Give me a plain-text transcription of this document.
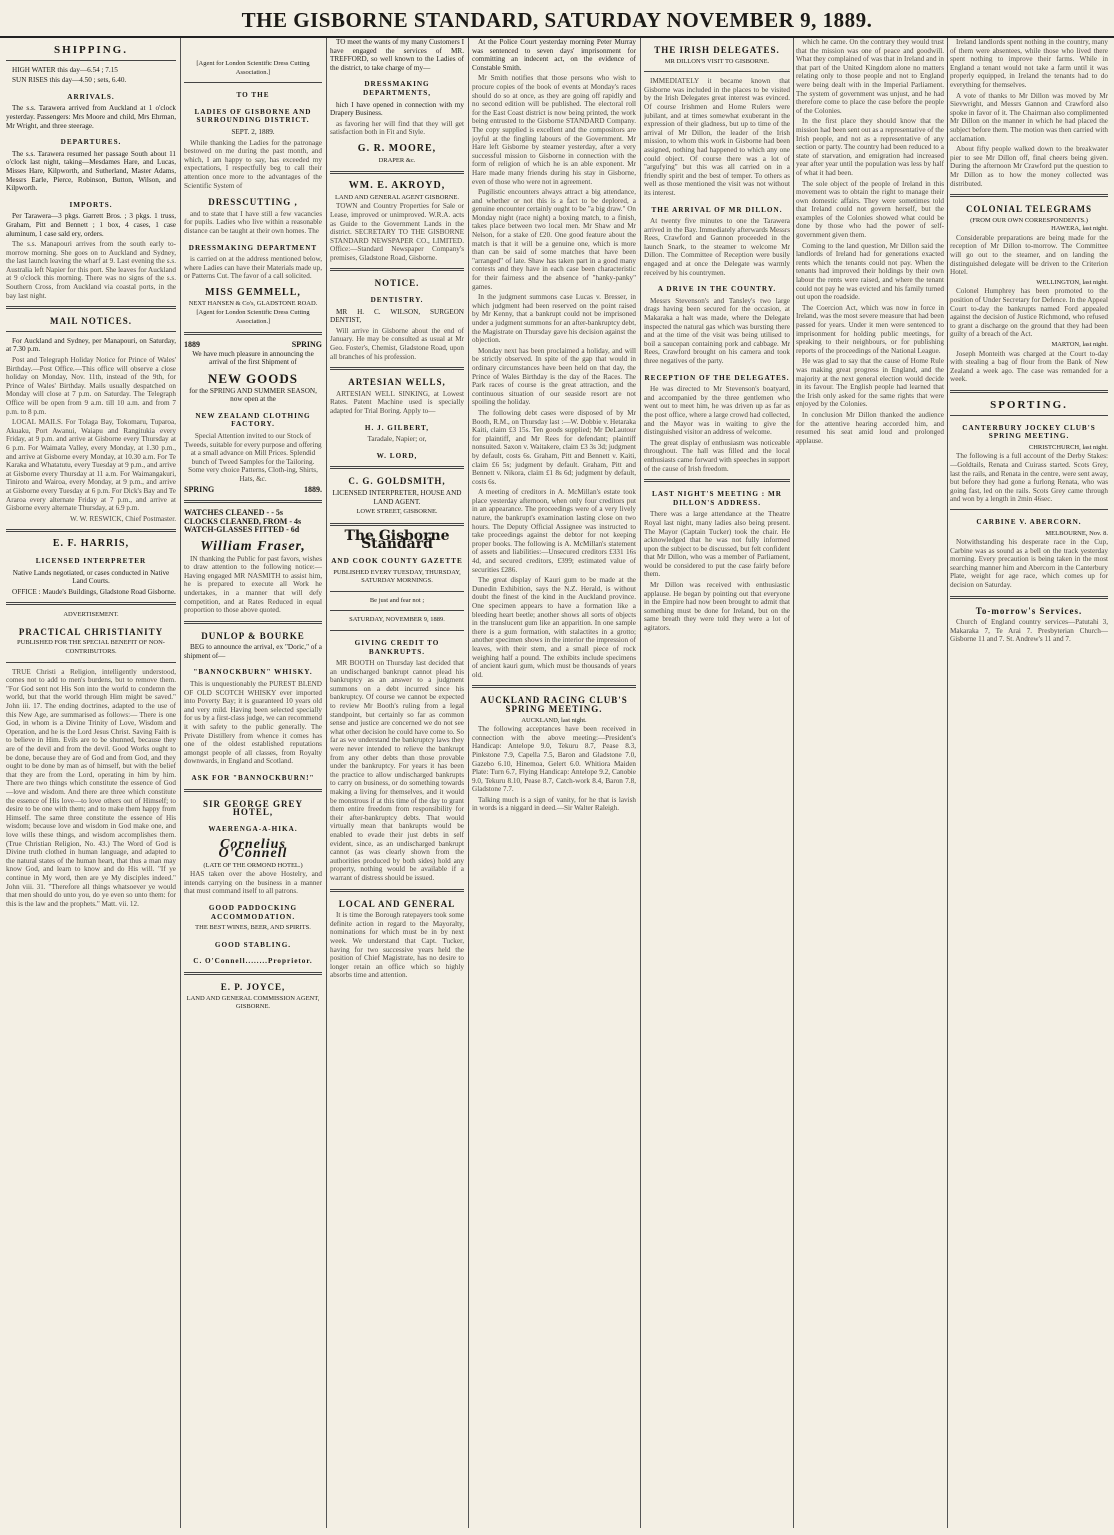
THE GISBORNE STANDARD, SATURDAY NOVEMBER 9, 1889.
SHIPPING.

HIGH WATER this day—6.54 ; 7.15

SUN RISES this day—4.50 ; sets, 6.40.

ARRIVALS.

The s.s. Tarawera arrived from Auckland at 1 o'clock yesterday. Passengers: Mrs Moore and child, Mrs Ehrman, Mr Wright, and three steerage.

DEPARTURES.

The s.s. Tarawera resumed her passage South about 11 o'clock last night, taking—Mesdames Hare, and Lucas, Misses Hare, Kilpworth, and Sutherland, Master Adams, Messrs Earle, Pierce, Robinson, Button, Wilson, and Kilpworth.

IMPORTS.

Per Tarawera—3 pkgs. Garrett Bros. ; 3 pkgs. 1 truss, Graham, Pitt and Bennett ; 1 box, 4 cases, 1 case aluminum, 1 case sald ery, orders.

The s.s. Manapouri arrives from the south early to-morrow morning. She goes on to Auckland and Sydney, the last launch leaving the wharf at 9. Last evening the s.s. Australia left Napier for this port. She leaves for Auckland at 9 o'clock this morning. There was no signs of the s.s. Southern Cross, from Auckland via coastal ports, in the bay last night.

MAIL NOTICES.

For Auckland and Sydney, per Manapouri, on Saturday, at 7.30 p.m.

Post and Telegraph Holiday Notice for Prince of Wales' Birthday.—Post Office.—This office will observe a close holiday on Monday, Nov. 11th, instead of the 9th, for Prince of Wales' Birthday. Mails usually despatched on Monday will close at 7 p.m. on Saturday. The Telegraph Office will be open from 9 a.m. till 10 a.m. and from 7 p.m. to 8 p.m.

LOCAL MAILS. For Tolaga Bay, Tokomaru, Tuparoa, Akuaku, Port Awanui, Waiapu and Rangitukia every Friday, at 9 p.m. and arrive at Gisborne every Thursday at 6 p.m. For Waimata Valley, every Monday, at 1.30 p.m., and arrive at Gisborne every Monday, at 10.30 a.m. For Te Karaka and Whatatutu, every Tuesday at 9 p.m., and arrive at Gisborne every Thursday at 11 a.m. For Waimangakuri, Tiniroto and Wairoa, every Monday, at 9 p.m., and arrive at Gisborne every Tuesday at 6 p.m. For Dick's Bay and Te Araroa every alternate Friday at 7 p.m., and arrive at Gisborne every alternate Thursday, at 6.9 p.m.

W. W. RESWICK, Chief Postmaster.

E. F. HARRIS,
LICENSED INTERPRETER

Native Lands negotiated, or cases conducted in Native Land Courts.

OFFICE : Maude's Buildings, Gladstone Road Gisborne.

ADVERTISEMENT.
PRACTICAL CHRISTIANITY
PUBLISHED FOR THE SPECIAL BENEFIT OF NON-CONTRIBUTORS.

TRUE Christi a Religion, intelligently understood, comes not to add to men's burdens, but to remove them. "For God sent not His Son into the world to condemn the world, but that the world through Him might be saved." John iii. 17. The ending doctrines, adapted to the use of this New Age, are summarised as follows:— There is one God, in whom is a Divine Trinity of Love, Wisdom and Operation, and he is the Lord Jesus Christ. Saving Faith is to believe in Him. Evils are to be shunned, because they are of the devil and from the devil. Good Works ought to be done, because they are of God and from God, and they ought to be done by man as of himself, but with the belief that they are from the Lord, operating in him by him. There are two things which constitute the essence of God—love and wisdom. And there are three which constitute the essence of His love—to love others out of Himself; to desire to be one with them; and to make them happy from Himself. The same three constitute the essence of His wisdom; because love and wisdom in God make one, and love wills these things, and wisdom accomplishes them. (True Christian Religion, No. 43.) The Word of God is Divine truth clothed in human language, and adapted to the natural states of the human heart, that thus a man may know God, and learn to know and do His will. "If ye continue in My word, then are ye My disciples indeed." John viii. 31. "Therefore all things whatsoever ye would that men should do unto you, do ye even so unto them: for this is the law and the prophets." Matt. vii. 12.

[Agent for London Scientific Dress Cutting Association.]
TO THE
LADIES OF GISBORNE AND SURROUNDING DISTRICT.

SEPT. 2, 1889.

While thanking the Ladies for the patronage bestowed on me during the past month, and which, I am happy to say, has exceeded my expectations, I respectfully beg to call their attention once more to the advantages of the Scientific System of

DRESSCUTTING ,

and to state that I have still a few vacancies for pupils. Ladies who live within a reasonable distance can be taught at their own homes. The

DRESSMAKING DEPARTMENT

is carried on at the address mentioned below, where Ladies can have their Materials made up, or Patterns Cut. The favor of a call solicited.

MISS GEMMELL,
NEXT HANSEN & Co's, GLADSTONE ROAD.
[Agent for London Scientific Dress Cutting Association.]
1889	SPRING

We have much pleasure in announcing the arrival of the first Shipment of

NEW GOODS

for the SPRING AND SUMMER SEASON, now open at the

NEW ZEALAND CLOTHING FACTORY.

Special Attention invited to our Stock of Tweeds, suitable for every purpose and offering at a small advance on Mill Prices. Splendid bunch of Tweed Samples for the Tailoring. Some very choice Patterns, Cloth-ing, Shirts, Hats, &c.

SPRING	1889.
WATCHES CLEANED - - 5s
CLOCKS CLEANED, FROM - 4s
WATCH-GLASSES FITTED - 6d
William Fraser,

IN thanking the Public for past favors, wishes to draw attention to the following notice:— Having engaged MR NASMITH to assist him, he is prepared to execute all Work he undertakes, in a manner that will defy competition, and at Rates Reduced in equal proportion to those above quoted.

DUNLOP & BOURKE

BEG to announce the arrival, ex "Doric," of a shipment of—

"BANNOCKBURN" WHISKY.

This is unquestionably the PUREST BLEND OF OLD SCOTCH WHISKY ever imported into Poverty Bay; it is guaranteed 10 years old and very mild. Having been selected specially for us by a first-class judge, we can recommend it with safety to the public generally. The Private Distillery from whence it comes has one of the oldest established reputations amongst people of all classes, from Royalty downwards, in England and Scotland.

ASK FOR "BANNOCKBURN!"
SIR GEORGE GREY HOTEL,
WAERENGA-A-HIKA.
Cornelius O'Connell
(LATE OF THE ORMOND HOTEL.)

HAS taken over the above Hostelry, and intends carrying on the business in a manner that must command itself to all patrons.

GOOD PADDOCKING ACCOMMODATION.
THE BEST WINES, BEER, AND SPIRITS.
GOOD STABLING.
C. O'Connell........Proprietor.
E. P. JOYCE,
LAND AND GENERAL COMMISSION AGENT, GISBORNE.

TO meet the wants of my many Customers I have engaged the services of MR. TREFFORD, so well known to the Ladies of the district, to take charge of my—

DRESSMAKING DEPARTMENTS,

hich I have opened in connection with my Drapery Business.

as favoring her will find that they will get satisfaction both in Fit and Style.

G. R. MOORE,
DRAPER &c.
WM. E. AKROYD,
LAND AND GENERAL AGENT GISBORNE.

TOWN and Country Properties for Sale or Lease, improved or unimproved. W.R.A. acts as Guide to the Government Lands in the district. SECRETARY TO THE GISBORNE STANDARD NEWSPAPER CO., LIMITED. Office:—Standard Newspaper Company's premises, Gladstone Road, Gisborne.

NOTICE.
DENTISTRY.

MR H. C. WILSON, SURGEON DENTIST,

Will arrive in Gisborne about the end of January. He may be consulted as usual at Mr Geo. Foster's, Chemist, Gladstone Road, upon all branches of his profession.

ARTESIAN WELLS,

ARTESIAN WELL SINKING, at Lowest Rates. Patent Machine used is specially adapted for Trial Boring. Apply to—

H. J. GILBERT,

Taradale, Napier; or,

W. LORD,
C. G. GOLDSMITH,

LICENSED INTERPRETER, HOUSE AND LAND AGENT.

LOWE STREET, GISBORNE.
The Gisborne Standard
AND COOK COUNTY GAZETTE
PUBLISHED EVERY TUESDAY, THURSDAY, SATURDAY MORNINGS.
Be just and fear not ;
SATURDAY, NOVEMBER 9, 1889.
GIVING CREDIT TO BANKRUPTS.

MR BOOTH on Thursday last decided that an undischarged bankrupt cannot plead his bankruptcy as an answer to a judgment summons on a debt incurred since his bankruptcy. Of course we cannot be expected to review Mr Booth's ruling from a legal standpoint, but certainly so far as common sense and justice are concerned we do not see what other decision he could have come to. So far as we understand the bankruptcy laws they were never intended to relieve the bankrupt from any other debts than those provable under the bankruptcy. For years it has been the practice to allow undischarged bankrupts to carry on business, or do something towards making a living for themselves, and it would be monstrous if at this time of the day to grant them entire freedom from responsibility for their after-bankruptcy debts. That would virtually mean that bankrupts would be enabled to evade their just debts in self evident, since, as an undischarged bankrupt cannot (as was clearly shown from the authorities produced by both sides) hold any property, nothing would be available if a warrant of distress should be issued.

LOCAL AND GENERAL

It is time the Borough ratepayers took some definite action in regard to the Mayoralty, nominations for which must be in by next week. We understand that Capt. Tucker, having for two successive years held the position of Chief Magistrate, has no desire to longer retain an office which so highly absorbs time and attention.

At the Police Court yesterday morning Peter Murray was sentenced to seven days' imprisonment for committing an indecent act, on the evidence of Constable Smith.

Mr Smith notifies that those persons who wish to procure copies of the book of events at Monday's races should do so at once, as they are going off rapidly and no second edition will be published. The electoral roll for the East Coast district is now being printed, the work being entrusted to the Gisborne STANDARD Company. The copy supplied is excellent and the compositors are joyful at the fingling labours of the Government. Mr Hare left Gisborne by steamer yesterday, after a very successful mission to Gisborne in connection with the form of religion of which he is an able exponent. Mr Hare made many friends during his stay in Gisborne, even of those who were not in agreement.

Pugilistic encounters always attract a big attendance, and whether or not this is a fact to be deplored, a genuine encounter certainly ought to be "a big draw." On Monday night (race night) a boxing match, to a finish, takes place between two local men. Mr Shaw and Mr Nelson, for a stake of £20. One good feature about the match is that it will be a genuine one, which is more than can be said of some matches that have been "arranged" of late. Shaw has taken part in a good many contests and they have in each case been characteristic for their fairness and the absence of "hanky-panky" games.

In the judgment summons case Lucas v. Bresser, in which judgment had been reserved on the point raised by Mr Kenny, that a bankrupt could not be imprisoned under a judgment summons for an after-bankruptcy debt, the Magistrate on Thursday gave his decision against the objection.

Monday next has been proclaimed a holiday, and will be strictly observed. In spite of the gap that would in ordinary circumstances have been held on that day, the Prince of Wales Birthday is the day of the Races. The Park races of course is the great attraction, and the continuous situation of our seaside resort are not spoiling the holiday.

The following debt cases were disposed of by Mr Booth, R.M., on Thursday last :—W. Dobbie v. Hetaraka Kaiti, claim £3 15s. Ten goods supplied; Mr DeLautour for plaintiff, and Mr Rees for defendant; plaintiff nonsuited. Saxon v. Waitakere, claim £3 3s 3d; judgment by default, costs 6s. Graham, Pitt and Bennett v. Kaiti, claim £6 5s; judgment by default. Graham, Pitt and Bennett v. Nikora, claim £1 8s 6d; judgment by default, costs 6s.

A meeting of creditors in A. McMillan's estate took place yesterday afternoon, when only four creditors put in an appearance. The proceedings were of a very lively nature, the bankrupt's examination lasting close on two hours. The Deputy Official Assignee was instructed to take proceedings against the debtor for not keeping proper books. The following is A. McMillan's statement of assets and liabilities:—Unsecured creditors £331 16s 4d, and secured creditors, £399; estimated value of securities £286.

The great display of Kauri gum to be made at the Dunedin Exhibition, says the N.Z. Herald, is without doubt the finest of the kind in the Auckland province. One specimen appears to have a formation like a bleeding heart beetle; another shows all sorts of objects in the translucent gum like an apparition. In one sample there is a gum formation, with stalactites in a grotto; another specimen shows in the interior the impression of leaves, with their stem, and a small piece of rock weighing half a pound. The exhibits include specimens of ancient kauri gum, which must be thousands of years old.

AUCKLAND RACING CLUB'S SPRING MEETING.
AUCKLAND, last night.

The following acceptances have been received in connection with the above meeting:—President's Handicap: Antelope 9.0, Tekuru 8.7, Pease 8.3, Pinkstone 7.9, Capella 7.5, Baron and Gladstone 7.0, Gazebo 6.10, Hinemoa, Gelert 6.0. Whitiora Maiden Plate: Turn 6.7, Flying Handicap: Antelope 9.2, Canobie 9.0, Tekuru 8.10, Pease 8.7, Catch-work 8.4, Baron 7.8, Gladstone 7.7.

Talking much is a sign of vanity, for he that is lavish in words is a niggard in deed.—Sir Walter Raleigh.

THE IRISH DELEGATES.
MR DILLON'S VISIT TO GISBORNE.

IMMEDIATELY it became known that Gisborne was included in the places to be visited by the Irish Delegates great interest was evinced. Of course Irishmen and Home Rulers were jubilant, and at times somewhat exuberant in the expression of their gladness, but up to time of the arrival of Mr Dillon, the leader of the Irish mission, to whom this work in Gisborne had been assigned, nothing had happened to which any one could object. Of course there was a lot of "argufying" but this was all carried on in a friendly spirit and the best of temper. To others as well as those mentioned the visit was not without its interest.

THE ARRIVAL OF MR DILLON.

At twenty five minutes to one the Tarawera arrived in the Bay. Immediately afterwards Messrs Rees, Crawford and Gannon proceeded in the launch Snark, to the steamer to welcome Mr Dillon. The Committee of Reception were busily engaged and at once the Delegate was warmly received by his countrymen.

A DRIVE IN THE COUNTRY.

Messrs Stevenson's and Tansley's two large drags having been secured for the occasion, at Makaraka a halt was made, where the Delegate inspected the natural gas which was bursting there and at the time of the visit was being utilised to boil a saucepan containing pork and cabbage. Mr Rees, Crawford brought on his camera and took three negatives of the party.

RECEPTION OF THE DELEGATES.

He was directed to Mr Stevenson's boatyard, and accompanied by the three gentlemen who went out to meet him, he was driven up as far as the post office, where a large crowd had collected, and the Mayor was in waiting to give the distinguished visitor an address of welcome.

The great display of enthusiasm was noticeable throughout. The hall was filled and the local enthusiasts came forward with speeches in support of the cause of Irish freedom.

LAST NIGHT'S MEETING : MR DILLON'S ADDRESS.

There was a large attendance at the Theatre Royal last night, many ladies also being present. The Mayor (Captain Tucker) took the chair. He acknowledged that he was not fully informed upon the subject to be discussed, but felt confident that Mr Dillon, who was a member of Parliament, would be considered to put the case fairly before them.

Mr Dillon was received with enthusiastic applause. He began by pointing out that everyone in the Empire had now been brought to admit that something must be done for Ireland, but on the same breath they were told they were a lot of agitators.

which he came. On the contrary they would trust that the mission was one of peace and goodwill. What they complained of was that in Ireland and in that part of the United Kingdom alone no matters relating only to those people and not to England were being dealt with in the Imperial Parliament. The system of government was unjust, and he had therefore come to place the case before the people of the Colonies.

In the first place they should know that the mission had been sent out as a representative of the Irish people, and not as a representative of any section or party. The country had been reduced to a state of starvation, and emigration had increased year after year until the population was less by half of what it had been.

The sole object of the people of Ireland in this movement was to obtain the right to manage their own domestic affairs. They were sometimes told that Ireland could not govern herself, but the examples of the Colonies showed what could be done by those who had the power of self-government given them.

Coming to the land question, Mr Dillon said the landlords of Ireland had for generations exacted rents which the tenants could not pay. When the tenants had improved their holdings by their own labour the rents were raised, and where the tenant could not pay he was evicted and his family turned out upon the roadside.

The Coercion Act, which was now in force in Ireland, was the most severe measure that had been passed for years. Under it men were sentenced to imprisonment for holding public meetings, for speaking to their neighbours, or for publishing reports of the proceedings of the National League.

He was glad to say that the cause of Home Rule was making great progress in England, and the majority at the next general election would decide in its favour. The English people had learned that the Irish only asked for the same rights that were enjoyed by the Colonies.

In conclusion Mr Dillon thanked the audience for the attentive hearing accorded him, and resumed his seat amid loud and prolonged applause.

Ireland landlords spent nothing in the country, many of them were absentees, while those who lived there spent nothing to improve their farms. While in England a tenant would not take a farm until it was properly equipped, in Ireland the tenants had to do everything for themselves.

A vote of thanks to Mr Dillon was moved by Mr Sievwright, and Messrs Gannon and Crawford also spoke in favor of it. The Chairman also complimented Mr Dillon on the manner in which he had placed the subject before them. The motion was then carried with acclamation.

About fifty people walked down to the breakwater pier to see Mr Dillon off, final cheers being given. During the afternoon Mr Crawford put the question to Mr Dillon as to how the money collected was distributed.

COLONIAL TELEGRAMS
(FROM OUR OWN CORRESPONDENTS.)
HAWERA, last night.

Considerable preparations are being made for the reception of Mr Dillon to-morrow. The Committee will go out to the steamer, and on landing the distinguished delegate will be driven to the Criterion Hotel.

WELLINGTON, last night.

Colonel Humphrey has been promoted to the position of Under Secretary for Defence. In the Appeal Court to-day the bankrupts named Ford appealed against the decision of Justice Richmond, who refused to grant a discharge on the ground that they had been guilty of a breach of the Act.

MARTON, last night.

Joseph Monteith was charged at the Court to-day with stealing a bag of flour from the Bank of New Zealand a week ago. The case was remanded for a week.

SPORTING.
CANTERBURY JOCKEY CLUB'S SPRING MEETING.
CHRISTCHURCH, last night.

The following is a full account of the Derby Stakes:—Goldtails, Renata and Cuirass started. Scots Grey, last the rails, and Renata in the centre, were sent away, but before they had gone a furlong Renata, who was going fast, led on the rails. Scots Grey came through and won by a length in 2min 46sec.

CARBINE V. ABERCORN.
MELBOURNE, Nov. 8.

Notwithstanding his desperate race in the Cup, Carbine was as sound as a bell on the track yesterday morning. Every precaution is being taken in the most searching manner him and Abercorn in the Canterbury Plate, weight for age race, which comes up for decision on Saturday.

To-morrow's Services.

Church of England country services—Patutahi 3, Makaraka 7, Te Arai 7. Presbyterian Church—Gisborne 11 and 7. St. Andrew's 11 and 7.
